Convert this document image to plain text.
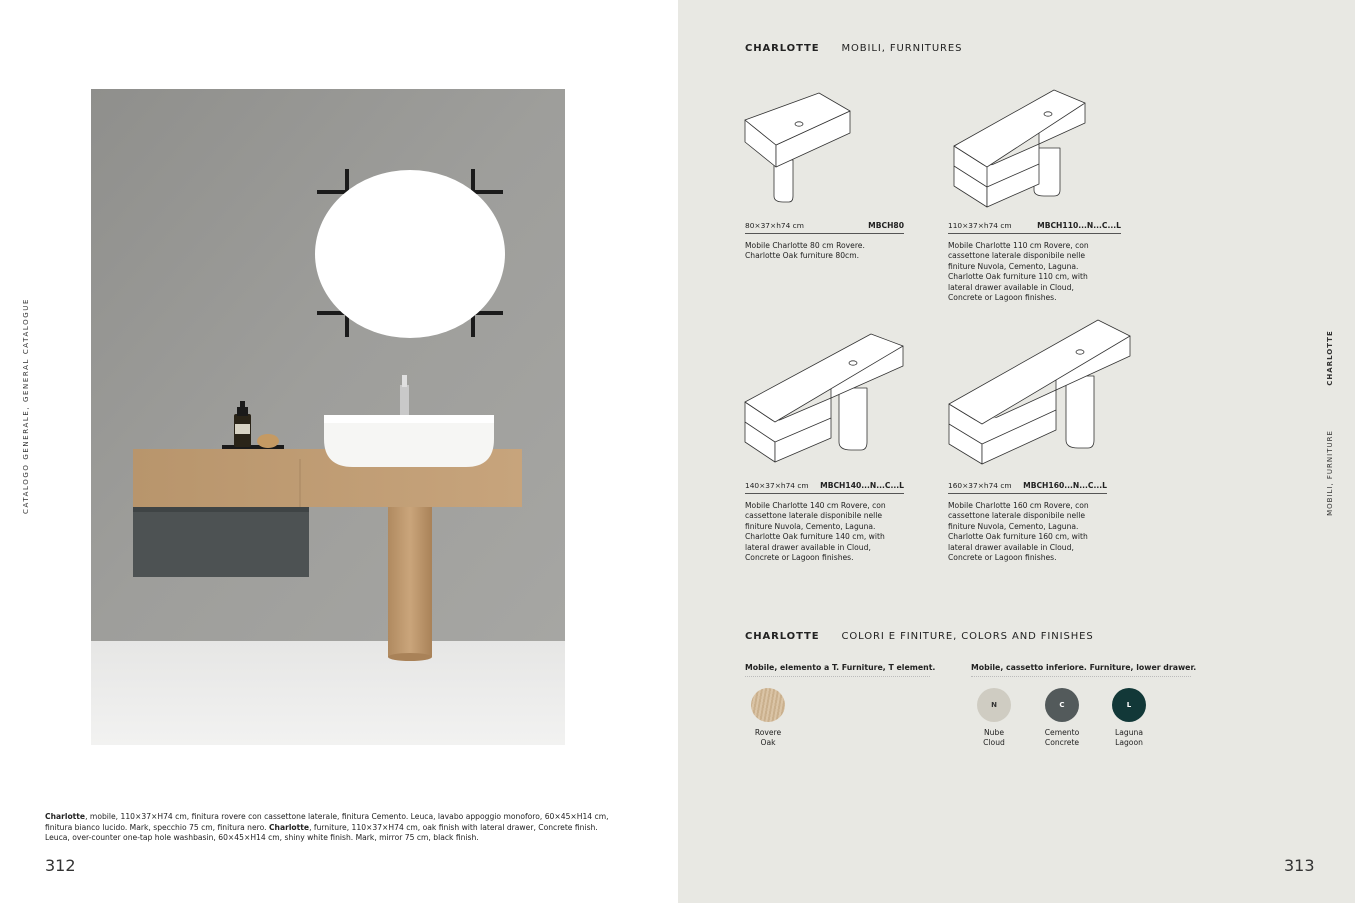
CATALOGO GENERALE, GENERAL CATALOGUE

Charlotte, mobile, 110×37×H74 cm, finitura rovere con cassettone laterale, finitura Cemento. Leuca, lavabo appoggio monoforo, 60×45×H14 cm, finitura bianco lucido. Mark, specchio 75 cm, finitura nero. Charlotte, furniture, 110×37×H74 cm, oak finish with lateral drawer, Concrete finish. Leuca, over-counter one-tap hole washbasin, 60×45×H14 cm, shiny white finish. Mark, mirror 75 cm, black finish.

312
CHARLOTTE MOBILI, FURNITURES
80×37×h74 cm	MBCH80
Mobile Charlotte 80 cm Rovere.
Charlotte Oak furniture 80cm.
110×37×h74 cm	MBCH110...N...C...L
Mobile Charlotte 110 cm Rovere, con
cassettone laterale disponibile nelle
finiture Nuvola, Cemento, Laguna.
Charlotte Oak furniture 110 cm, with
lateral drawer available in Cloud,
Concrete or Lagoon finishes.
140×37×h74 cm MBCH140...N...C...L
Mobile Charlotte 140 cm Rovere, con
cassettone laterale disponibile nelle
finiture Nuvola, Cemento, Laguna.
Charlotte Oak furniture 140 cm, with
lateral drawer available in Cloud,
Concrete or Lagoon finishes.
160×37×h74 cm MBCH160...N...C...L
Mobile Charlotte 160 cm Rovere, con
cassettone laterale disponibile nelle
finiture Nuvola, Cemento, Laguna.
Charlotte Oak furniture 160 cm, with
lateral drawer available in Cloud,
Concrete or Lagoon finishes.
CHARLOTTE COLORI E FINITURE, COLORS AND FINISHES
Mobile, elemento a T. Furniture, T element.	Mobile, cassetto inferiore. Furniture, lower drawer.
Rovere
Oak
N
Nube
Cloud
C
Cemento
Concrete
L
Laguna
Lagoon
CHARLOTTE
MOBILI, FURNITURE
313
